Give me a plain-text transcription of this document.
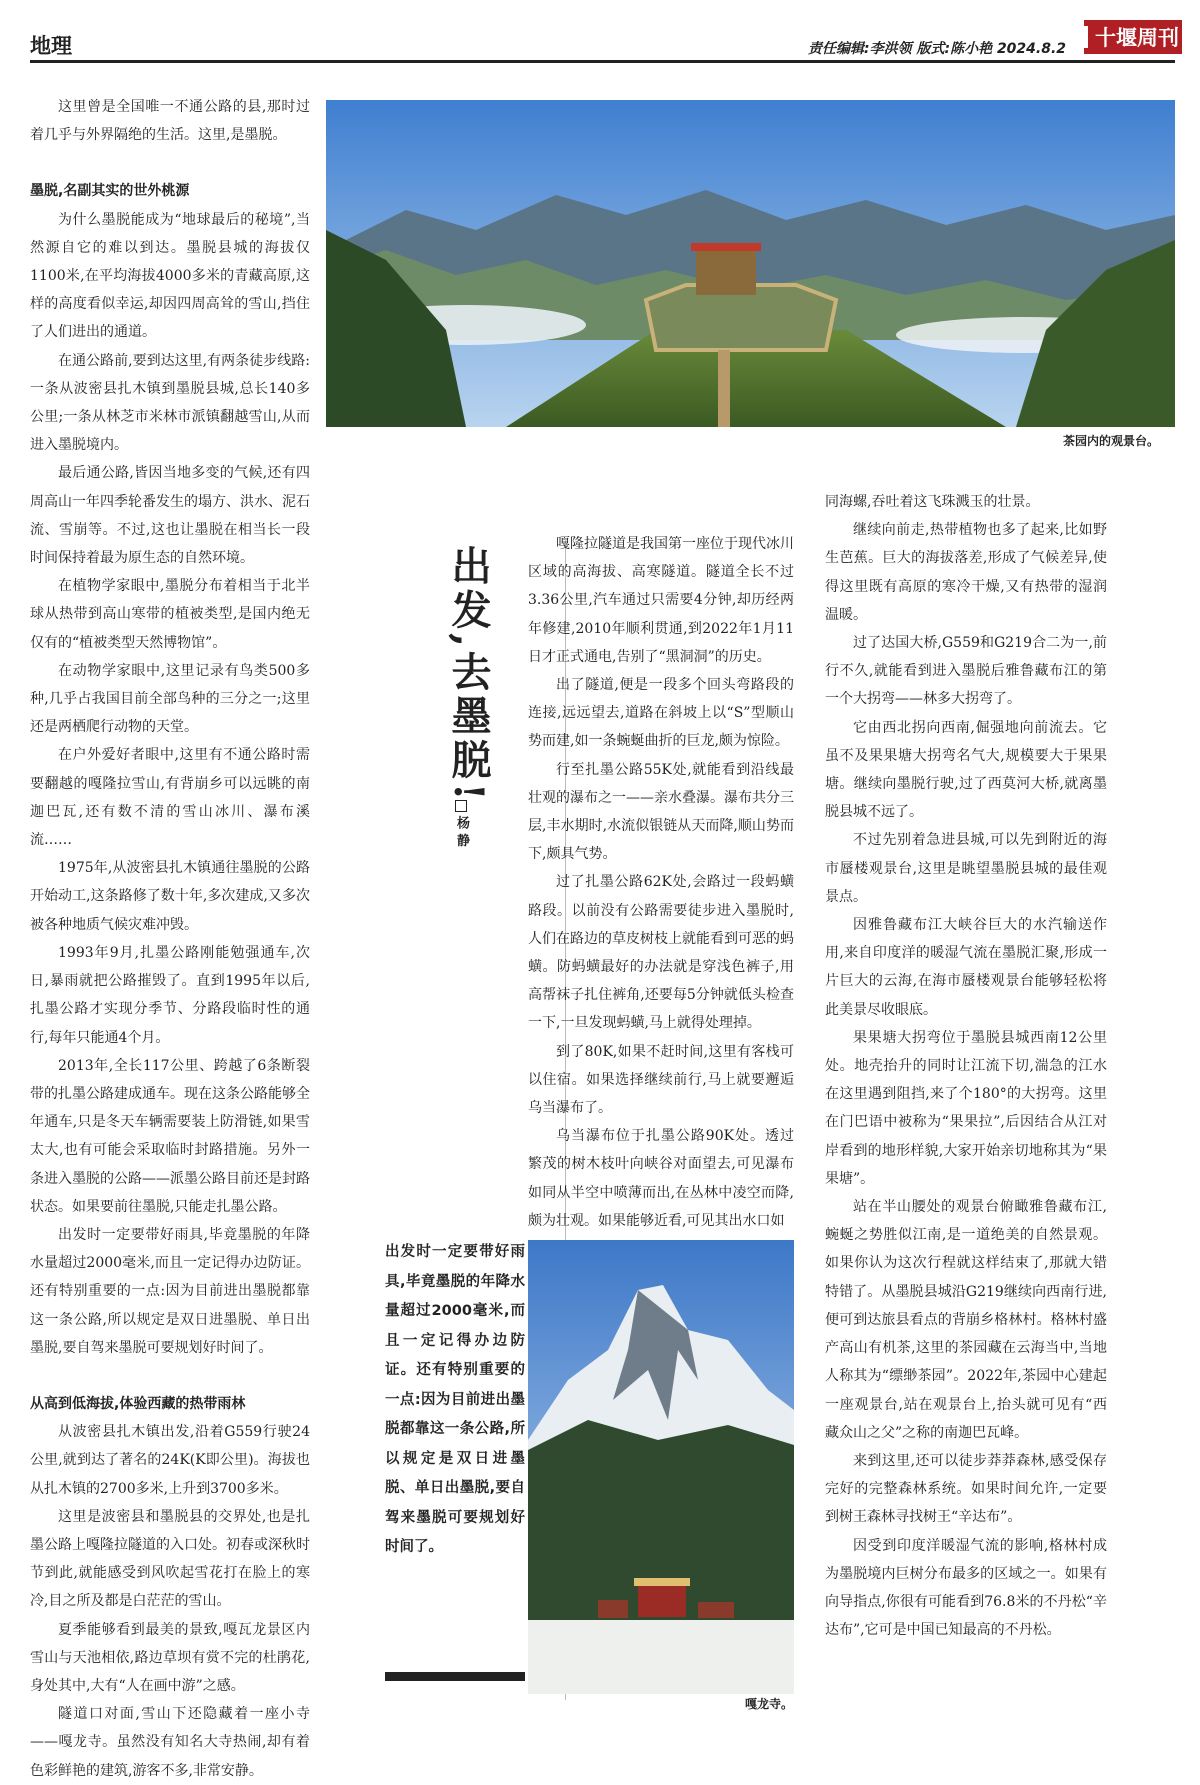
地理	责任编辑:李洪领 版式:陈小艳 2024.8.2 十堰周刊
茶园内的观景台。
出发,去墨脱!
杨 静

这里曾是全国唯一不通公路的县,那时过着几乎与外界隔绝的生活。这里,是墨脱。

墨脱,名副其实的世外桃源

为什么墨脱能成为“地球最后的秘境”,当然源自它的难以到达。墨脱县城的海拔仅1100米,在平均海拔4000多米的青藏高原,这样的高度看似幸运,却因四周高耸的雪山,挡住了人们进出的通道。

在通公路前,要到达这里,有两条徒步线路:一条从波密县扎木镇到墨脱县城,总长140多公里;一条从林芝市米林市派镇翻越雪山,从而进入墨脱境内。

最后通公路,皆因当地多变的气候,还有四周高山一年四季轮番发生的塌方、洪水、泥石流、雪崩等。不过,这也让墨脱在相当长一段时间保持着最为原生态的自然环境。

在植物学家眼中,墨脱分布着相当于北半球从热带到高山寒带的植被类型,是国内绝无仅有的“植被类型天然博物馆”。

在动物学家眼中,这里记录有鸟类500多种,几乎占我国目前全部鸟种的三分之一;这里还是两栖爬行动物的天堂。

在户外爱好者眼中,这里有不通公路时需要翻越的嘎隆拉雪山,有背崩乡可以远眺的南迦巴瓦,还有数不清的雪山冰川、瀑布溪流……

1975年,从波密县扎木镇通往墨脱的公路开始动工,这条路修了数十年,多次建成,又多次被各种地质气候灾难冲毁。

1993年9月,扎墨公路刚能勉强通车,次日,暴雨就把公路摧毁了。直到1995年以后,扎墨公路才实现分季节、分路段临时性的通行,每年只能通4个月。

2013年,全长117公里、跨越了6条断裂带的扎墨公路建成通车。现在这条公路能够全年通车,只是冬天车辆需要装上防滑链,如果雪太大,也有可能会采取临时封路措施。另外一条进入墨脱的公路——派墨公路目前还是封路状态。如果要前往墨脱,只能走扎墨公路。

出发时一定要带好雨具,毕竟墨脱的年降水量超过2000毫米,而且一定记得办边防证。还有特别重要的一点:因为目前进出墨脱都靠这一条公路,所以规定是双日进墨脱、单日出墨脱,要自驾来墨脱可要规划好时间了。

从高到低海拔,体验西藏的热带雨林

从波密县扎木镇出发,沿着G559行驶24公里,就到达了著名的24K(K即公里)。海拔也从扎木镇的2700多米,上升到3700多米。

这里是波密县和墨脱县的交界处,也是扎墨公路上嘎隆拉隧道的入口处。初春或深秋时节到此,就能感受到风吹起雪花打在脸上的寒冷,目之所及都是白茫茫的雪山。

夏季能够看到最美的景致,嘎瓦龙景区内雪山与天池相依,路边草坝有赏不完的杜鹃花,身处其中,大有“人在画中游”之感。

隧道口对面,雪山下还隐藏着一座小寺——嘎龙寺。虽然没有知名大寺热闹,却有着色彩鲜艳的建筑,游客不多,非常安静。

嘎隆拉隧道是我国第一座位于现代冰川区域的高海拔、高寒隧道。隧道全长不过3.36公里,汽车通过只需要4分钟,却历经两年修建,2010年顺利贯通,到2022年1月11日才正式通电,告别了“黑洞洞”的历史。

出了隧道,便是一段多个回头弯路段的连接,远远望去,道路在斜坡上以“S”型顺山势而建,如一条蜿蜒曲折的巨龙,颇为惊险。

行至扎墨公路55K处,就能看到沿线最壮观的瀑布之一——亲水叠瀑。瀑布共分三层,丰水期时,水流似银链从天而降,顺山势而下,颇具气势。

过了扎墨公路62K处,会路过一段蚂蟥路段。以前没有公路需要徒步进入墨脱时,人们在路边的草皮树枝上就能看到可恶的蚂蟥。防蚂蟥最好的办法就是穿浅色裤子,用高帮袜子扎住裤角,还要每5分钟就低头检查一下,一旦发现蚂蟥,马上就得处理掉。

到了80K,如果不赶时间,这里有客栈可以住宿。如果选择继续前行,马上就要邂逅乌当瀑布了。

乌当瀑布位于扎墨公路90K处。透过繁茂的树木枝叶向峡谷对面望去,可见瀑布如同从半空中喷薄而出,在丛林中凌空而降,颇为壮观。如果能够近看,可见其出水口如

出发时一定要带好雨具,毕竟墨脱的年降水量超过2000毫米,而且一定记得办边防证。还有特别重要的一点:因为目前进出墨脱都靠这一条公路,所以规定是双日进墨脱、单日出墨脱,要自驾来墨脱可要规划好时间了。
嘎龙寺。

同海螺,吞吐着这飞珠溅玉的壮景。

继续向前走,热带植物也多了起来,比如野生芭蕉。巨大的海拔落差,形成了气候差异,使得这里既有高原的寒冷干燥,又有热带的湿润温暖。

过了达国大桥,G559和G219合二为一,前行不久,就能看到进入墨脱后雅鲁藏布江的第一个大拐弯——林多大拐弯了。

它由西北拐向西南,倔强地向前流去。它虽不及果果塘大拐弯名气大,规模要大于果果塘。继续向墨脱行驶,过了西莫河大桥,就离墨脱县城不远了。

不过先别着急进县城,可以先到附近的海市蜃楼观景台,这里是眺望墨脱县城的最佳观景点。

因雅鲁藏布江大峡谷巨大的水汽输送作用,来自印度洋的暖湿气流在墨脱汇聚,形成一片巨大的云海,在海市蜃楼观景台能够轻松将此美景尽收眼底。

果果塘大拐弯位于墨脱县城西南12公里处。地壳抬升的同时让江流下切,湍急的江水在这里遇到阻挡,来了个180°的大拐弯。这里在门巴语中被称为“果果拉”,后因结合从江对岸看到的地形样貌,大家开始亲切地称其为“果果塘”。

站在半山腰处的观景台俯瞰雅鲁藏布江,蜿蜒之势胜似江南,是一道绝美的自然景观。如果你认为这次行程就这样结束了,那就大错特错了。从墨脱县城沿G219继续向西南行进,便可到达旅县看点的背崩乡格林村。格林村盛产高山有机茶,这里的茶园藏在云海当中,当地人称其为“缥缈茶园”。2022年,茶园中心建起一座观景台,站在观景台上,抬头就可见有“西藏众山之父”之称的南迦巴瓦峰。

来到这里,还可以徒步莽莽森林,感受保存完好的完整森林系统。如果时间允许,一定要到树王森林寻找树王“辛达布”。

因受到印度洋暖湿气流的影响,格林村成为墨脱境内巨树分布最多的区域之一。如果有向导指点,你很有可能看到76.8米的不丹松“辛达布”,它可是中国已知最高的不丹松。
